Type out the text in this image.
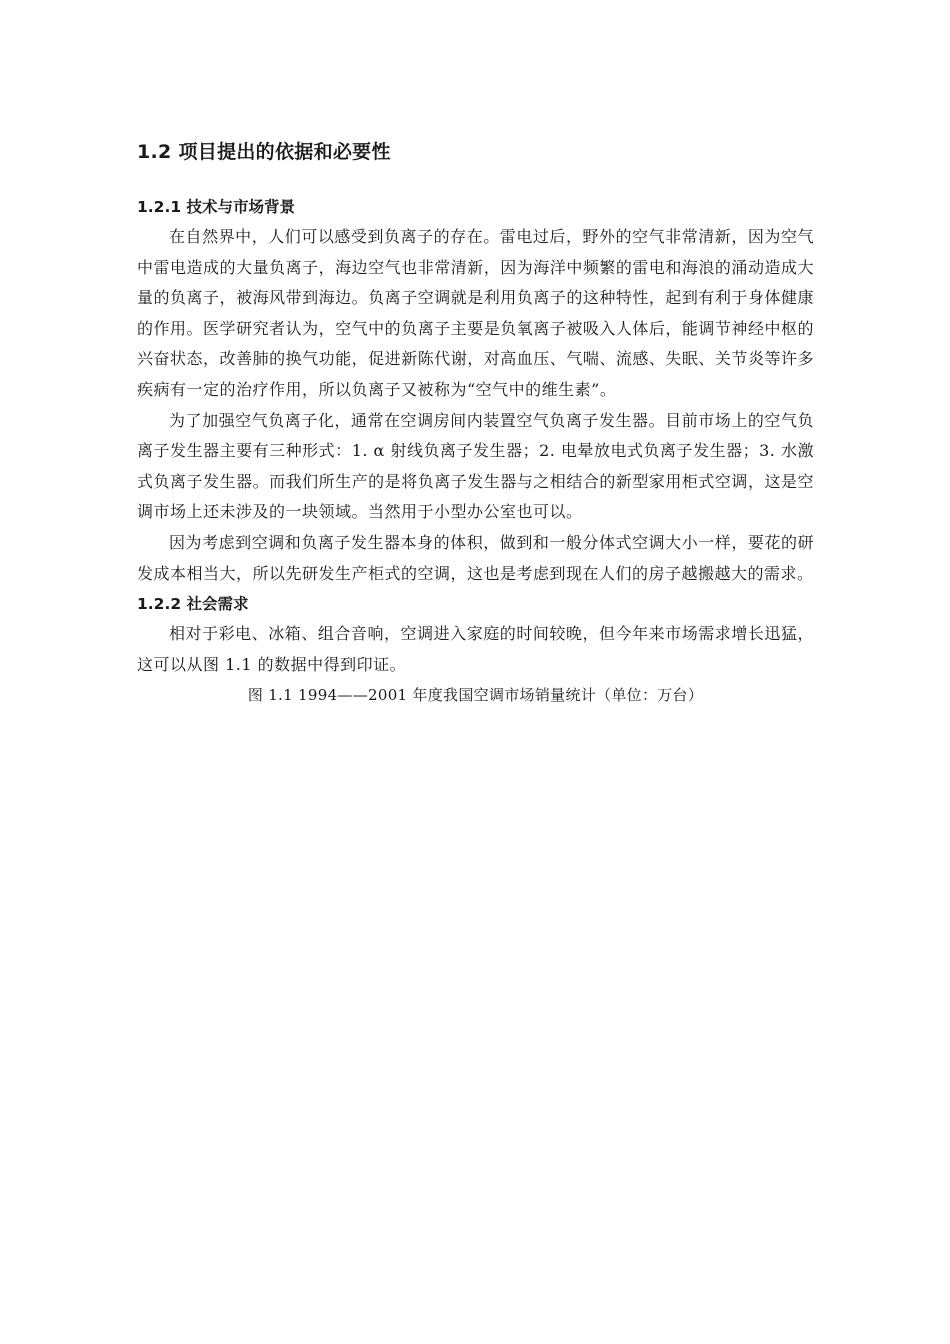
1.2 项目提出的依据和必要性
1.2.1 技术与市场背景

在自然界中，人们可以感受到负离子的存在。雷电过后，野外的空气非常清新，因为空气中雷电造成的大量负离子，海边空气也非常清新，因为海洋中频繁的雷电和海浪的涌动造成大量的负离子，被海风带到海边。负离子空调就是利用负离子的这种特性，起到有利于身体健康的作用。医学研究者认为，空气中的负离子主要是负氧离子被吸入人体后，能调节神经中枢的兴奋状态，改善肺的换气功能，促进新陈代谢，对高血压、气喘、流感、失眠、关节炎等许多疾病有一定的治疗作用，所以负离子又被称为“空气中的维生素”。

为了加强空气负离子化，通常在空调房间内装置空气负离子发生器。目前市场上的空气负离子发生器主要有三种形式：1. α 射线负离子发生器；2. 电晕放电式负离子发生器；3. 水激式负离子发生器。而我们所生产的是将负离子发生器与之相结合的新型家用柜式空调，这是空调市场上还未涉及的一块领域。当然用于小型办公室也可以。

因为考虑到空调和负离子发生器本身的体积，做到和一般分体式空调大小一样，要花的研发成本相当大，所以先研发生产柜式的空调，这也是考虑到现在人们的房子越搬越大的需求。

1.2.2 社会需求

相对于彩电、冰箱、组合音响，空调进入家庭的时间较晚，但今年来市场需求增长迅猛，这可以从图 1.1 的数据中得到印证。

图 1.1 1994——2001 年度我国空调市场销量统计（单位：万台）
